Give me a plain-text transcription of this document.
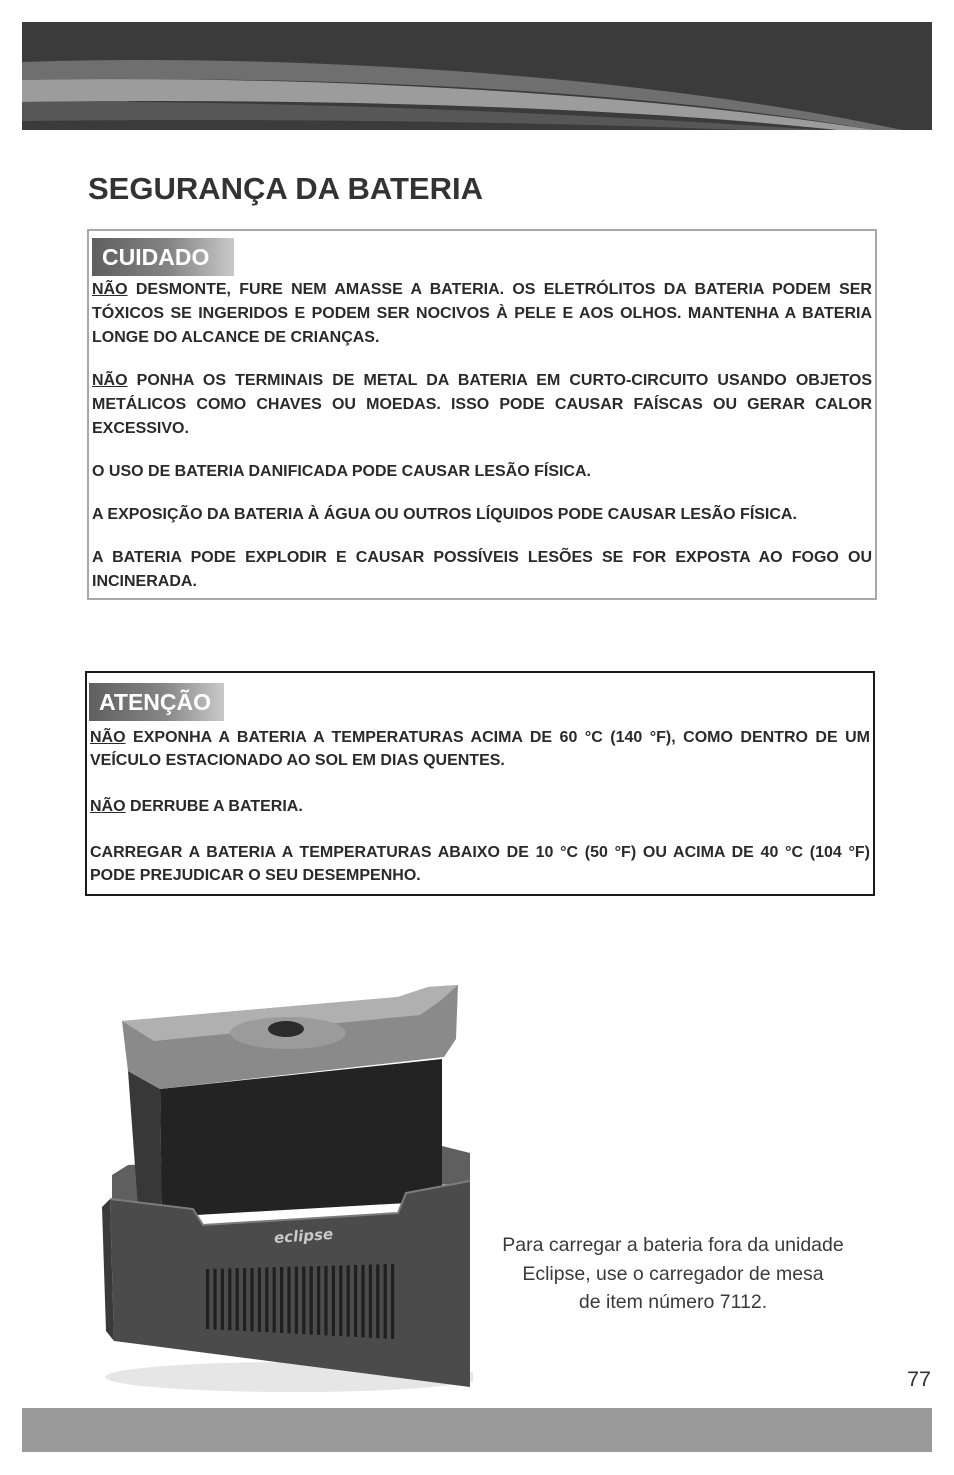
SEGURANÇA DA BATERIA
CUIDADO

NÃO DESMONTE, FURE NEM AMASSE A BATERIA. OS ELETRÓLITOS DA BATERIA PODEM SER TÓXICOS SE INGERIDOS E PODEM SER NOCIVOS À PELE E AOS OLHOS. MANTENHA A BATERIA LONGE DO ALCANCE DE CRIANÇAS.

NÃO PONHA OS TERMINAIS DE METAL DA BATERIA EM CURTO-CIRCUITO USANDO OBJETOS METÁLICOS COMO CHAVES OU MOEDAS. ISSO PODE CAUSAR FAÍSCAS OU GERAR CALOR EXCESSIVO.

O USO DE BATERIA DANIFICADA PODE CAUSAR LESÃO FÍSICA.

A EXPOSIÇÃO DA BATERIA À ÁGUA OU OUTROS LÍQUIDOS PODE CAUSAR LESÃO FÍSICA.

A BATERIA PODE EXPLODIR E CAUSAR POSSÍVEIS LESÕES SE FOR EXPOSTA AO FOGO OU INCINERADA.

ATENÇÃO

NÃO EXPONHA A BATERIA A TEMPERATURAS ACIMA DE 60 °C (140 °F), COMO DENTRO DE UM VEÍCULO ESTACIONADO AO SOL EM DIAS QUENTES.

NÃO DERRUBE A BATERIA.

CARREGAR A BATERIA A TEMPERATURAS ABAIXO DE 10 °C (50 °F) OU ACIMA DE 40 °C (104 °F) PODE PREJUDICAR O SEU DESEMPENHO.

eclipse	Para carregar a bateria fora da unidade
Eclipse, use o carregador de mesa
de item número 7112.
77
